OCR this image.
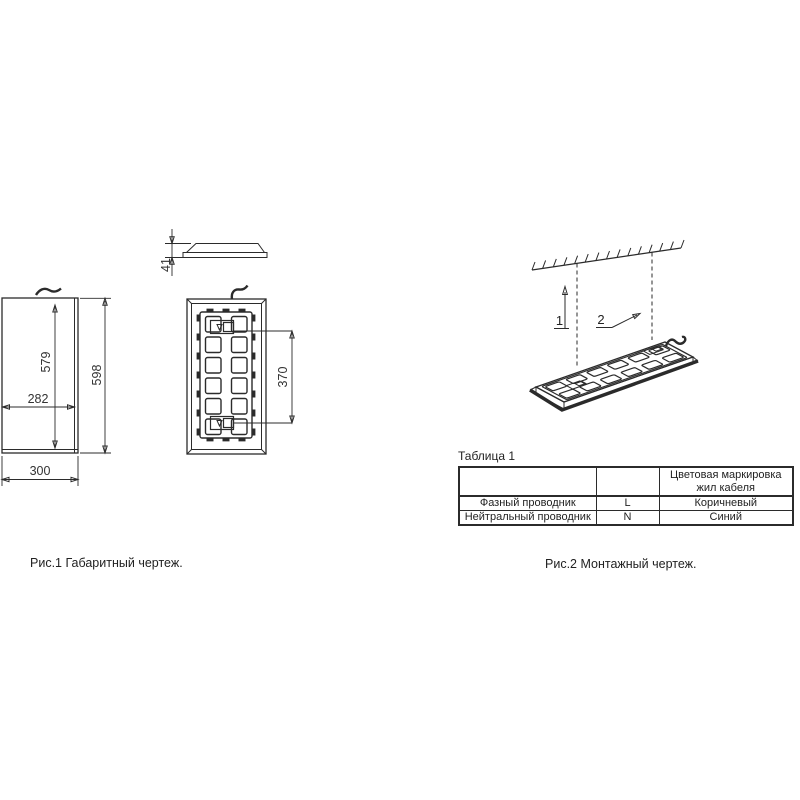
41
579
598
282
300
370
1	2
Таблица 1
		Цветовая маркировка жил кабеля
Фазный проводник	L	Коричневый
Нейтральный проводник	N	Синий
Рис.1 Габаритный чертеж.	Рис.2 Монтажный чертеж.
